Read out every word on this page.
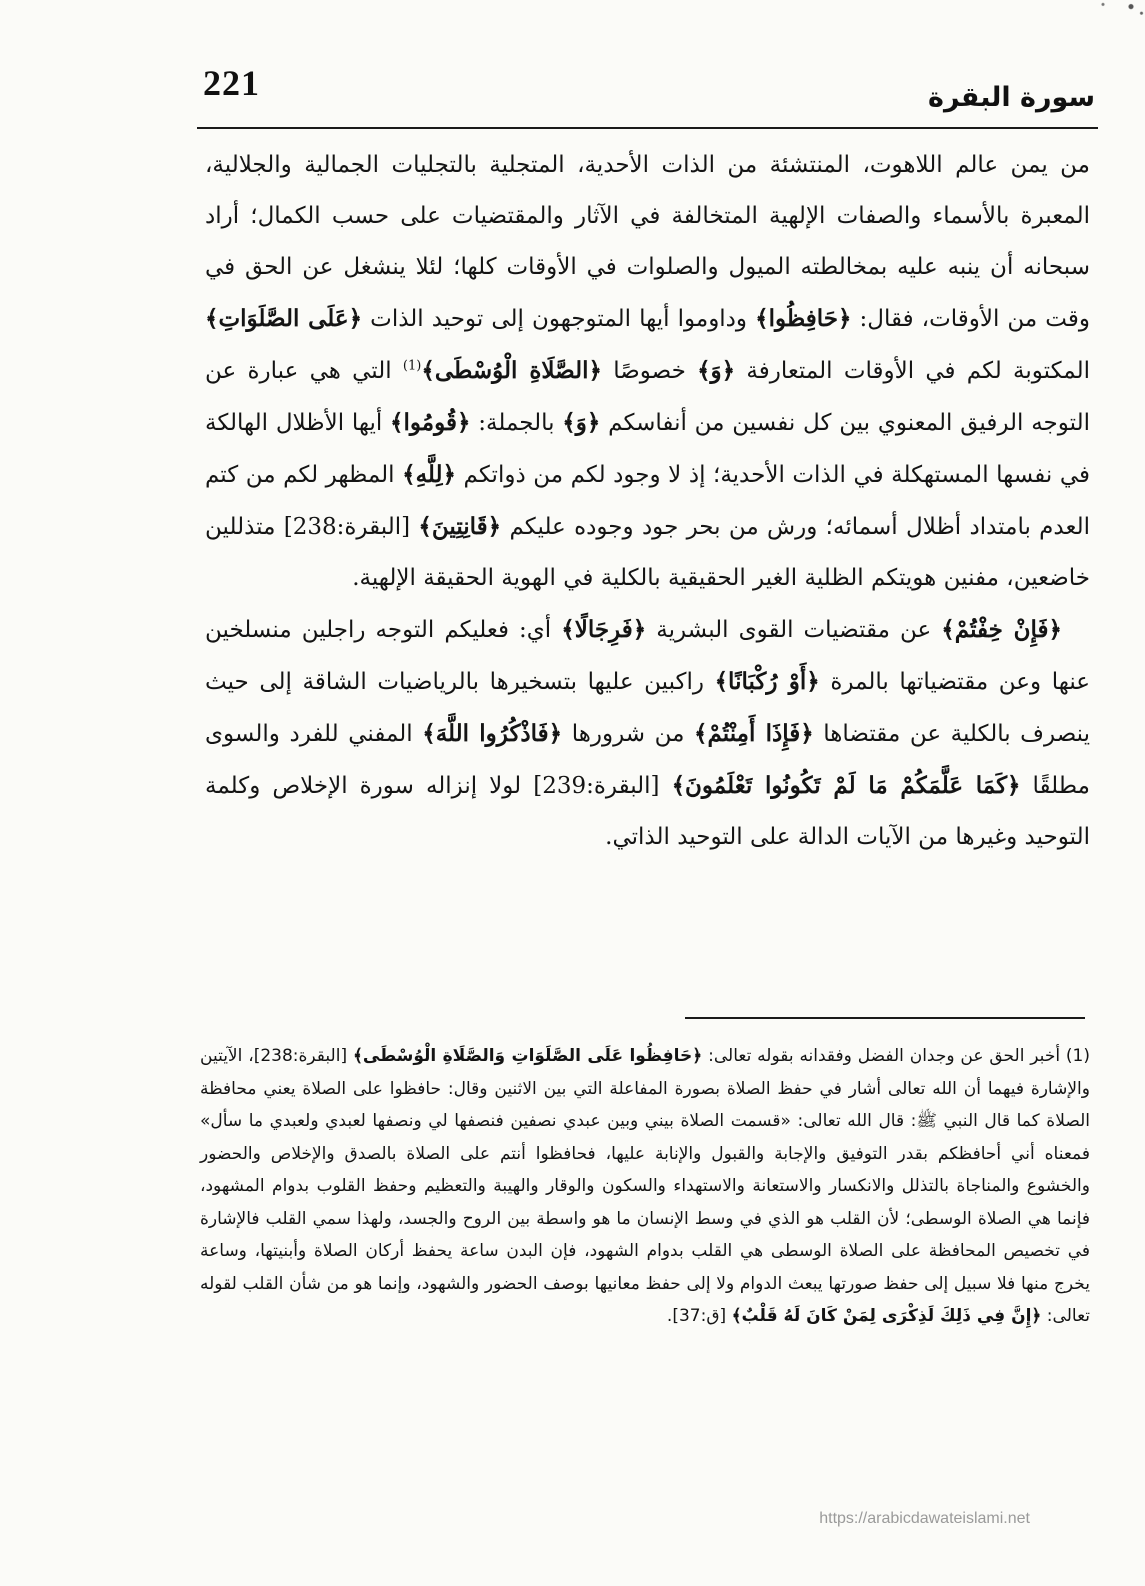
221	سورة البقرة

من يمن عالم اللاهوت، المنتشئة من الذات الأحدية، المتجلية بالتجليات الجمالية والجلالية، المعبرة بالأسماء والصفات الإلهية المتخالفة في الآثار والمقتضيات على حسب الكمال؛ أراد سبحانه أن ينبه عليه بمخالطته الميول والصلوات في الأوقات كلها؛ لئلا ينشغل عن الحق في وقت من الأوقات، فقال: ﴿حَافِظُوا﴾ وداوموا أيها المتوجهون إلى توحيد الذات ﴿عَلَى الصَّلَوَاتِ﴾ المكتوبة لكم في الأوقات المتعارفة ﴿وَ﴾ خصوصًا ﴿الصَّلَاةِ الْوُسْطَى﴾$^{(1)}$ التي هي عبارة عن التوجه الرفيق المعنوي بين كل نفسين من أنفاسكم ﴿وَ﴾ بالجملة: ﴿قُومُوا﴾ أيها الأظلال الهالكة في نفسها المستهكلة في الذات الأحدية؛ إذ لا وجود لكم من ذواتكم ﴿لِلَّهِ﴾ المظهر لكم من كتم العدم بامتداد أظلال أسمائه؛ ورش من بحر جود وجوده عليكم ﴿قَانِتِينَ﴾ [البقرة:238] متذللين خاضعين، مفنين هويتكم الظلية الغير الحقيقية بالكلية في الهوية الحقيقة الإلهية.

﴿فَإِنْ خِفْتُمْ﴾ عن مقتضيات القوى البشرية ﴿فَرِجَالًا﴾ أي: فعليكم التوجه راجلين منسلخين عنها وعن مقتضياتها بالمرة ﴿أَوْ رُكْبَانًا﴾ راكبين عليها بتسخيرها بالرياضيات الشاقة إلى حيث ينصرف بالكلية عن مقتضاها ﴿فَإِذَا أَمِنْتُمْ﴾ من شرورها ﴿فَاذْكُرُوا اللَّهَ﴾ المفني للفرد والسوى مطلقًا ﴿كَمَا عَلَّمَكُمْ مَا لَمْ تَكُونُوا تَعْلَمُونَ﴾ [البقرة:239] لولا إنزاله سورة الإخلاص وكلمة التوحيد وغيرها من الآيات الدالة على التوحيد الذاتي.

(1) أخبر الحق عن وجدان الفضل وفقدانه بقوله تعالى: ﴿حَافِظُوا عَلَى الصَّلَوَاتِ وَالصَّلَاةِ الْوُسْطَى﴾ [البقرة:238]، الآيتين والإشارة فيهما أن الله تعالى أشار في حفظ الصلاة بصورة المفاعلة التي بين الاثنين وقال: حافظوا على الصلاة يعني محافظة الصلاة كما قال النبي ﷺ: قال الله تعالى: «قسمت الصلاة بيني وبين عبدي نصفين فنصفها لي ونصفها لعبدي ولعبدي ما سأل» فمعناه أني أحافظكم بقدر التوفيق والإجابة والقبول والإنابة عليها، فحافظوا أنتم على الصلاة بالصدق والإخلاص والحضور والخشوع والمناجاة بالتذلل والانكسار والاستعانة والاستهداء والسكون والوقار والهيبة والتعظيم وحفظ القلوب بدوام المشهود، فإنما هي الصلاة الوسطى؛ لأن القلب هو الذي في وسط الإنسان ما هو واسطة بين الروح والجسد، ولهذا سمي القلب فالإشارة في تخصيص المحافظة على الصلاة الوسطى هي القلب بدوام الشهود، فإن البدن ساعة يحفظ أركان الصلاة وأبنيتها، وساعة يخرج منها فلا سبيل إلى حفظ صورتها يبعث الدوام ولا إلى حفظ معانيها بوصف الحضور والشهود، وإنما هو من شأن القلب لقوله تعالى: ﴿إِنَّ فِي ذَلِكَ لَذِكْرَى لِمَنْ كَانَ لَهُ قَلْبٌ﴾ [ق:37].

https://arabicdawateislami.net
